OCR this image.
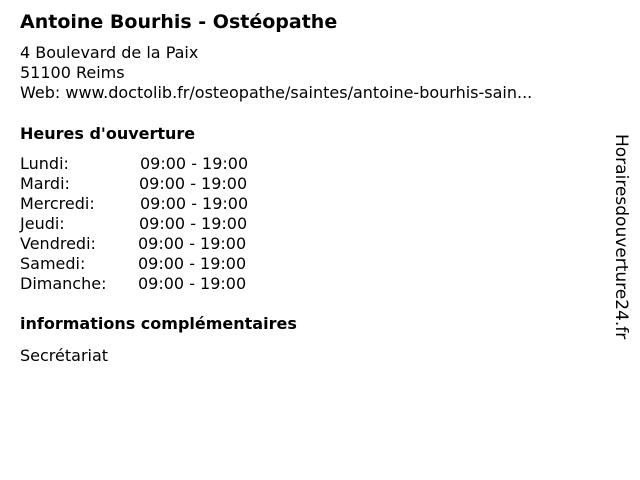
Antoine Bourhis - Ostéopathe
4 Boulevard de la Paix
51100 Reims
Web: www.doctolib.fr/osteopathe/saintes/antoine-bourhis-sain...
Heures d'ouverture
Lundi:	09:00 - 19:00
Mardi:	09:00 - 19:00
Mercredi:	09:00 - 19:00
Jeudi:	09:00 - 19:00
Vendredi:	09:00 - 19:00
Samedi:	09:00 - 19:00
Dimanche: 09:00 - 19:00
informations complémentaires
Secrétariat
Horairesdouverture24.fr
